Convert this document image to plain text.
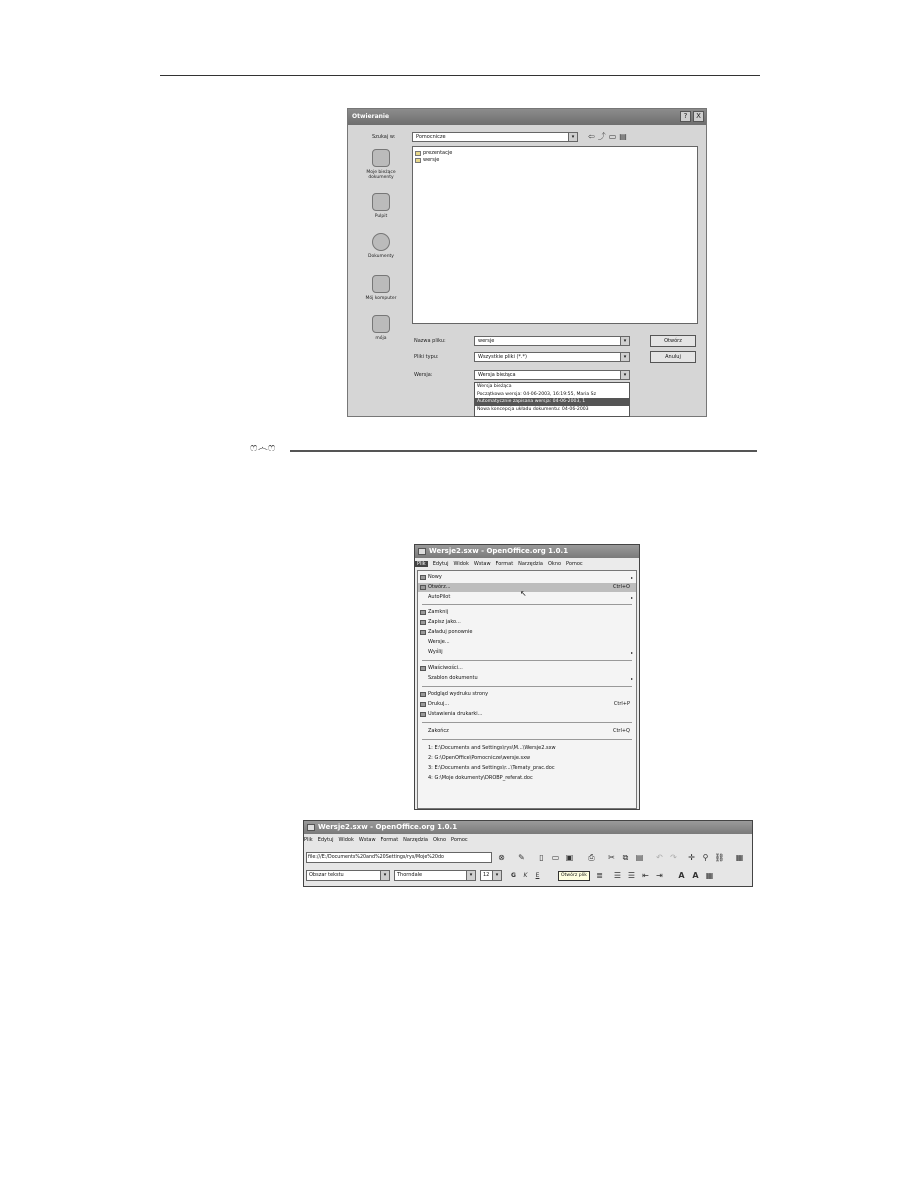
Otwieranie	?	X
Szukaj w:	Pomocnicze	▾	⇦⤴▭▤
Moje bieżące dokumenty
Pulpit
Dokumenty
Mój komputer
mója
prezentacje
wersje
Nazwa pliku:	wersje	▾
Pliki typu:	Wszystkie pliki (*.*)	▾
Wersja:	Wersja bieżąca	▾
Wersja bieżąca
Początkowa wersja: 04-06-2003, 16:19:55, Maria Sz
Automatycznie zapisana wersja: 04-06-2003, 1
Nowa koncepcja układu dokumentu: 04-06-2003
Otwórz
Anuluj
ෆ෴ෆ
Wersje2.sxw - OpenOffice.org 1.0.1
Plik Edytuj Widok Wstaw Format Narzędzia Okno Pomoc
Nowy	▸
Otwórz...	Ctrl+O
↖
AutoPilot	▸
Zamknij
Zapisz jako...
Załaduj ponownie
Wersje...
Wyślij	▸
Właściwości...
Szablon dokumentu	▸
Podgląd wydruku strony
Drukuj...	Ctrl+P
Ustawienia drukarki...
Zakończ	Ctrl+Q
1: E:\Documents and Settings\rys\M...\Wersje2.sxw
2: G:\OpenOffice\Pomocnicze\wersje.sxw
3: E:\Documents and Settings\r...\Tematy_prac.doc
4: G:\Moje dokumenty\DROBP_referat.doc
Wersje2.sxw - OpenOffice.org 1.0.1
Plik Edytuj Widok Wstaw Format Narzędzia Okno Pomoc
file:///E:/Documents%20and%20Settings/rys/Moje%20do	⊗ ✎	▯	▭ ▣ ⎙ ✂ ⧉ ▤ ↶ ↷ ✛ ⚲ ⛓ ▦
Obszar tekstu	▾	Thorndale	▾	12	▾	G	K	E	Otwórz plik	≣ ☰ ☰ ⇤ ⇥ A A ▦
